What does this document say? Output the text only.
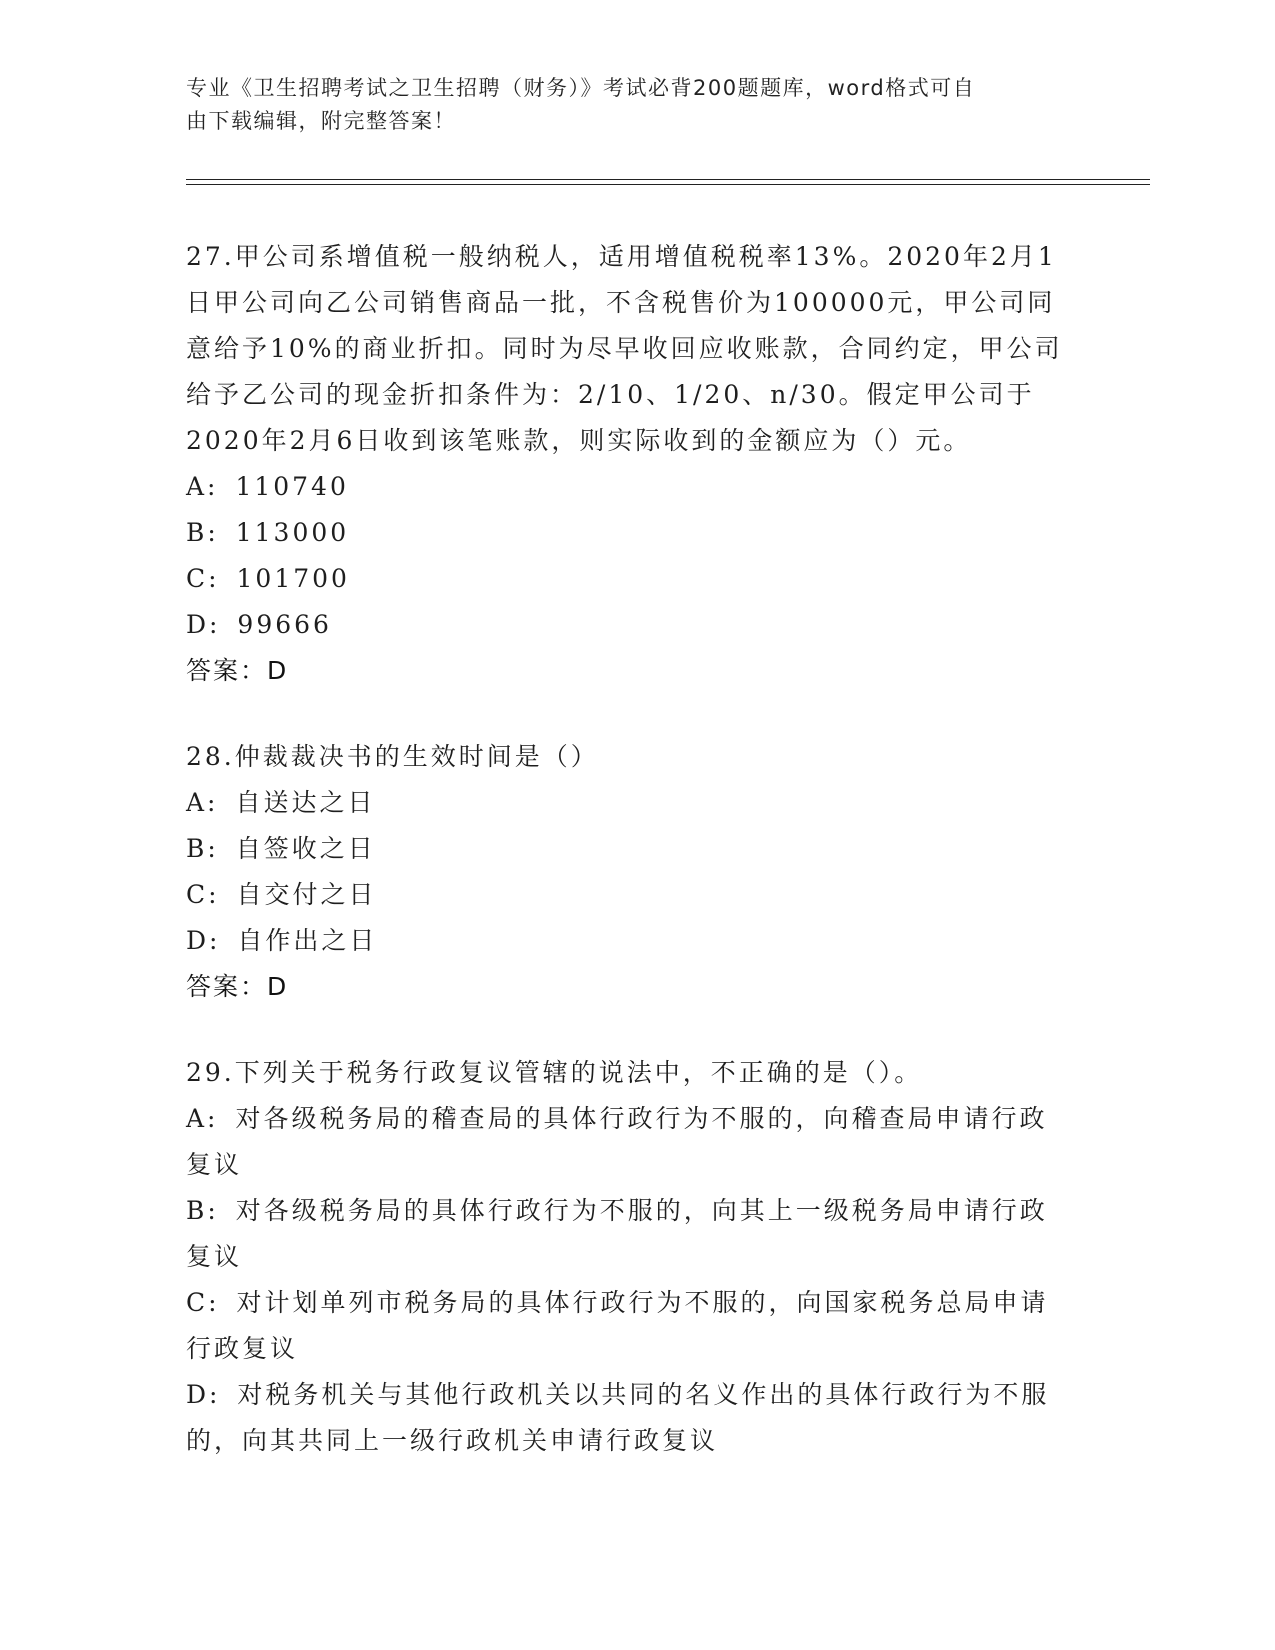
专业《卫生招聘考试之卫生招聘（财务）》考试必背200题题库，word格式可自
由下载编辑，附完整答案！
27.甲公司系增值税一般纳税人，适用增值税税率13%。2020年2月1
日甲公司向乙公司销售商品一批，不含税售价为100000元，甲公司同
意给予10%的商业折扣。同时为尽早收回应收账款，合同约定，甲公司
给予乙公司的现金折扣条件为：2/10、1/20、n/30。假定甲公司于
2020年2月6日收到该笔账款，则实际收到的金额应为（）元。
A: 110740
B: 113000
C: 101700
D: 99666
答案：D
28.仲裁裁决书的生效时间是（）
A: 自送达之日
B: 自签收之日
C: 自交付之日
D: 自作出之日
答案：D
29.下列关于税务行政复议管辖的说法中，不正确的是（）。
A: 对各级税务局的稽查局的具体行政行为不服的，向稽查局申请行政
复议
B: 对各级税务局的具体行政行为不服的，向其上一级税务局申请行政
复议
C: 对计划单列市税务局的具体行政行为不服的，向国家税务总局申请
行政复议
D: 对税务机关与其他行政机关以共同的名义作出的具体行政行为不服
的，向其共同上一级行政机关申请行政复议
